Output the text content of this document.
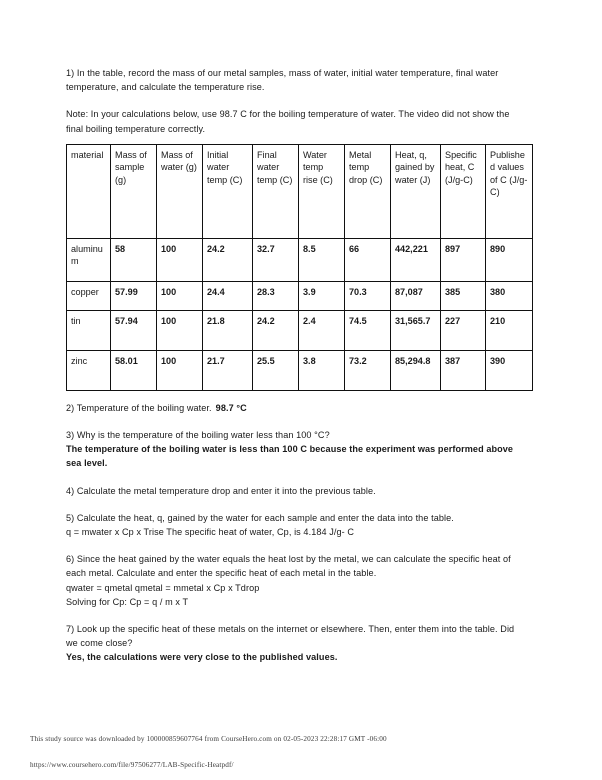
1) In the table, record the mass of our metal samples, mass of water, initial water temperature, final water temperature, and calculate the temperature rise.

Note: In your calculations below, use 98.7 C for the boiling temperature of water. The video did not show the final boiling temperature correctly.

material	Mass of sample (g)	Mass of water (g)	Initial water temp (C)	Final water temp (C)	Water temp rise (C)	Metal temp drop (C)	Heat, q, gained by water (J)	Specific heat, C (J/g-C)	Published values of C (J/g-C)
aluminum	58	100	24.2	32.7	8.5	66	442,221	897	890
copper	57.99	100	24.4	28.3	3.9	70.3	87,087	385	380
tin	57.94	100	21.8	24.2	2.4	74.5	31,565.7	227	210
zinc	58.01	100	21.7	25.5	3.8	73.2	85,294.8	387	390

2) Temperature of the boiling water. 98.7 °C

3) Why is the temperature of the boiling water less than 100 °C?

The temperature of the boiling water is less than 100 C because the experiment was performed above sea level.

4) Calculate the metal temperature drop and enter it into the previous table.

5) Calculate the heat, q, gained by the water for each sample and enter the data into the table.

q = mwater x Cp x Trise The specific heat of water, Cp, is 4.184 J/g- C

6) Since the heat gained by the water equals the heat lost by the metal, we can calculate the specific heat of each metal. Calculate and enter the specific heat of each metal in the table.

qwater = qmetal qmetal = mmetal x Cp x Tdrop

Solving for Cp: Cp = q / m x T

7) Look up the specific heat of these metals on the internet or elsewhere. Then, enter them into the table. Did we come close?

Yes, the calculations were very close to the published values.

This study source was downloaded by 100000859607764 from CourseHero.com on 02-05-2023 22:28:17 GMT -06:00
https://www.coursehero.com/file/97506277/LAB-Specific-Heatpdf/
